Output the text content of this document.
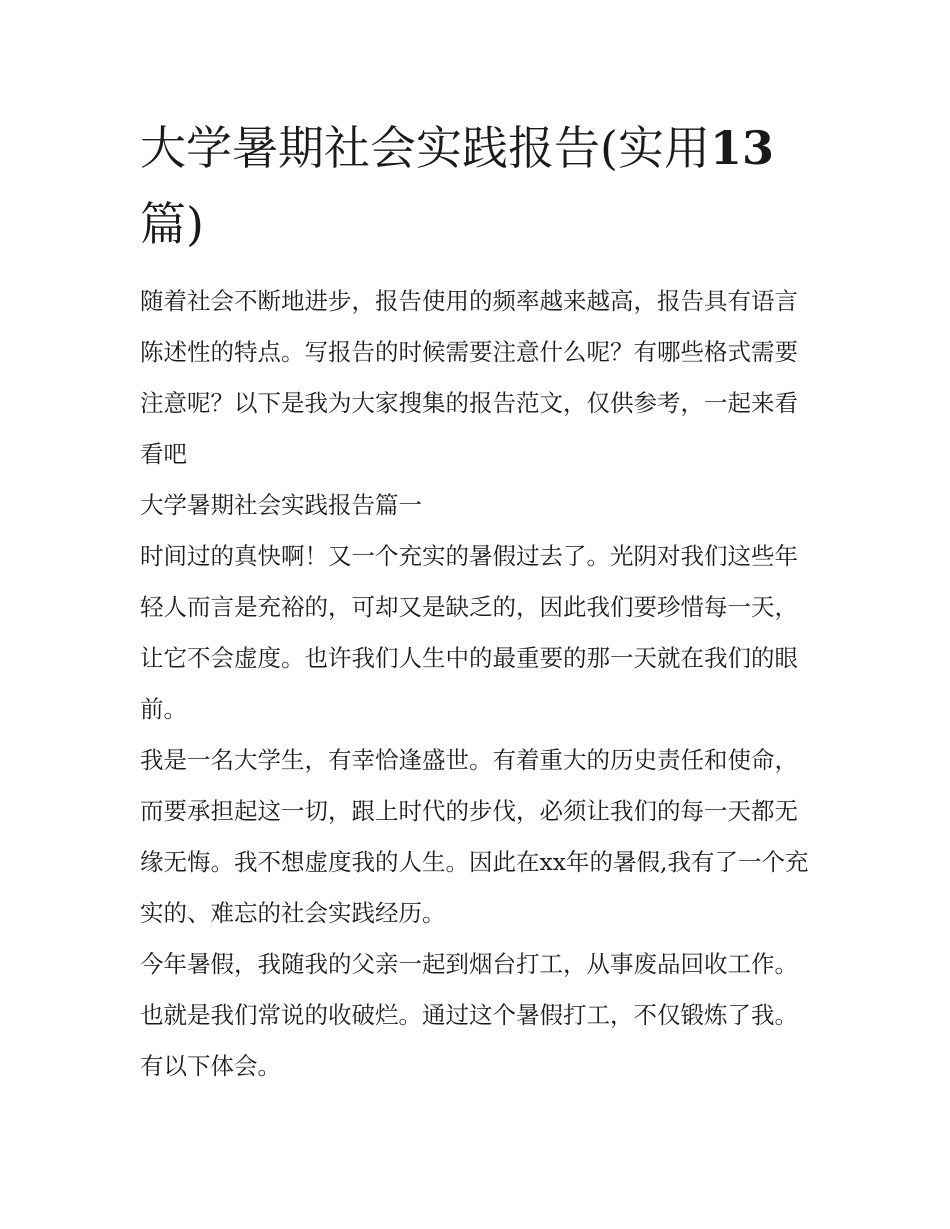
大学暑期社会实践报告(实用13篇)

随着社会不断地进步，报告使用的频率越来越高，报告具有语言陈述性的特点。写报告的时候需要注意什么呢？有哪些格式需要注意呢？以下是我为大家搜集的报告范文，仅供参考，一起来看看吧

大学暑期社会实践报告篇一

时间过的真快啊！又一个充实的暑假过去了。光阴对我们这些年轻人而言是充裕的，可却又是缺乏的，因此我们要珍惜每一天，让它不会虚度。也许我们人生中的最重要的那一天就在我们的眼前。

我是一名大学生，有幸恰逢盛世。有着重大的历史责任和使命，而要承担起这一切，跟上时代的步伐，必须让我们的每一天都无缘无悔。我不想虚度我的人生。因此在xx年的暑假,我有了一个充实的、难忘的社会实践经历。

今年暑假，我随我的父亲一起到烟台打工，从事废品回收工作。也就是我们常说的收破烂。通过这个暑假打工，不仅锻炼了我。有以下体会。
